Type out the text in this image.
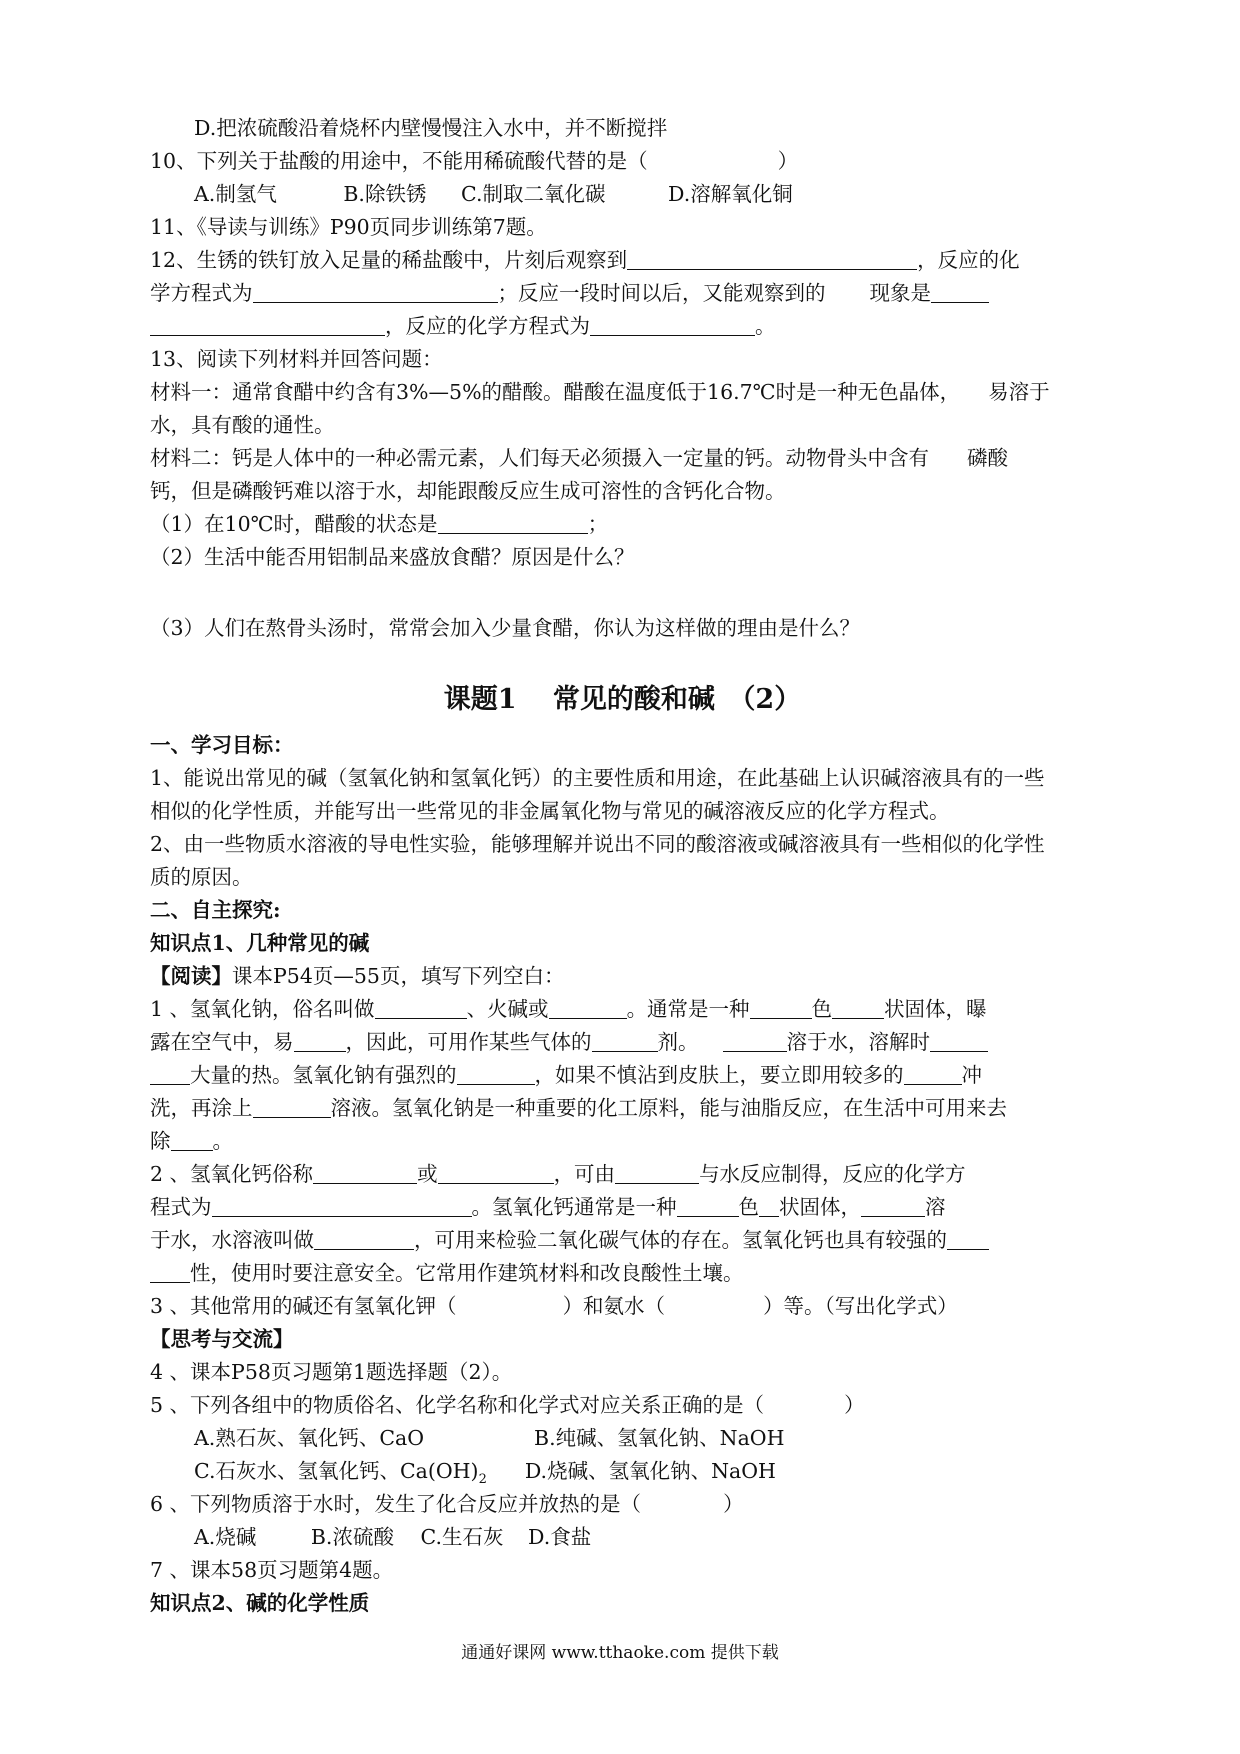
D.把浓硫酸沿着烧杯内壁慢慢注入水中，并不断搅拌
10、下列关于盐酸的用途中，不能用稀硫酸代替的是（	）
A.制氢气	B.除铁锈 C.制取二氧化碳	D.溶解氧化铜
11、《导读与训练》P90页同步训练第7题。
12、生锈的铁钉放入足量的稀盐酸中，片刻后观察到	，反应的化
学方程式为	；反应一段时间以后，又能观察到的 现象是
，反应的化学方程式为	。
13、阅读下列材料并回答问题：
材料一：通常食醋中约含有3%—5%的醋酸。醋酸在温度低于16.7℃时是一种无色晶体， 易溶于
水，具有酸的通性。
材料二：钙是人体中的一种必需元素，人们每天必须摄入一定量的钙。动物骨头中含有 磷酸
钙，但是磷酸钙难以溶于水，却能跟酸反应生成可溶性的含钙化合物。
（1）在10℃时，醋酸的状态是	；
（2）生活中能否用铝制品来盛放食醋？原因是什么？
（3）人们在熬骨头汤时，常常会加入少量食醋，你认为这样做的理由是什么？
课题1　 常见的酸和碱　（2）
一、学习目标：
1、能说出常见的碱（氢氧化钠和氢氧化钙）的主要性质和用途，在此基础上认识碱溶液具有的一些
相似的化学性质，并能写出一些常见的非金属氧化物与常见的碱溶液反应的化学方程式。
2、由一些物质水溶液的导电性实验，能够理解并说出不同的酸溶液或碱溶液具有一些相似的化学性
质的原因。
二、自主探究:
知识点1、几种常见的碱
【阅读】课本P54页—55页，填写下列空白：
1 、氢氧化钠，俗名叫做	、火碱或	。通常是一种	色	状固体，曝
露在空气中，易	，因此，可用作某些气体的	剂。	溶于水，溶解时
大量的热。氢氧化钠有强烈的	，如果不慎沾到皮肤上，要立即用较多的	冲
洗，再涂上	溶液。氢氧化钠是一种重要的化工原料，能与油脂反应，在生活中可用来去
除 。
2 、氢氧化钙俗称	或	，可由	与水反应制得，反应的化学方
程式为	。氢氧化钙通常是一种	色 状固体，	溶
于水，水溶液叫做	，可用来检验二氧化碳气体的存在。氢氧化钙也具有较强的
性，使用时要注意安全。它常用作建筑材料和改良酸性土壤。
3 、其他常用的碱还有氢氧化钾（	）和氨水（	）等。（写出化学式）
【思考与交流】
4 、课本P58页习题第1题选择题（2）。
5 、下列各组中的物质俗名、化学名称和化学式对应关系正确的是（	）
A.熟石灰、氧化钙、CaO	B.纯碱、氢氧化钠、NaOH
C.石灰水、氢氧化钙、$Ca(OH)_2$ D.烧碱、氢氧化钠、NaOH
6 、下列物质溶于水时，发生了化合反应并放热的是（	）
A.烧碱	B.浓硫酸 C.生石灰 D.食盐
7 、课本58页习题第4题。
知识点2、碱的化学性质
通通好课网 www.tthaoke.com 提供下载
